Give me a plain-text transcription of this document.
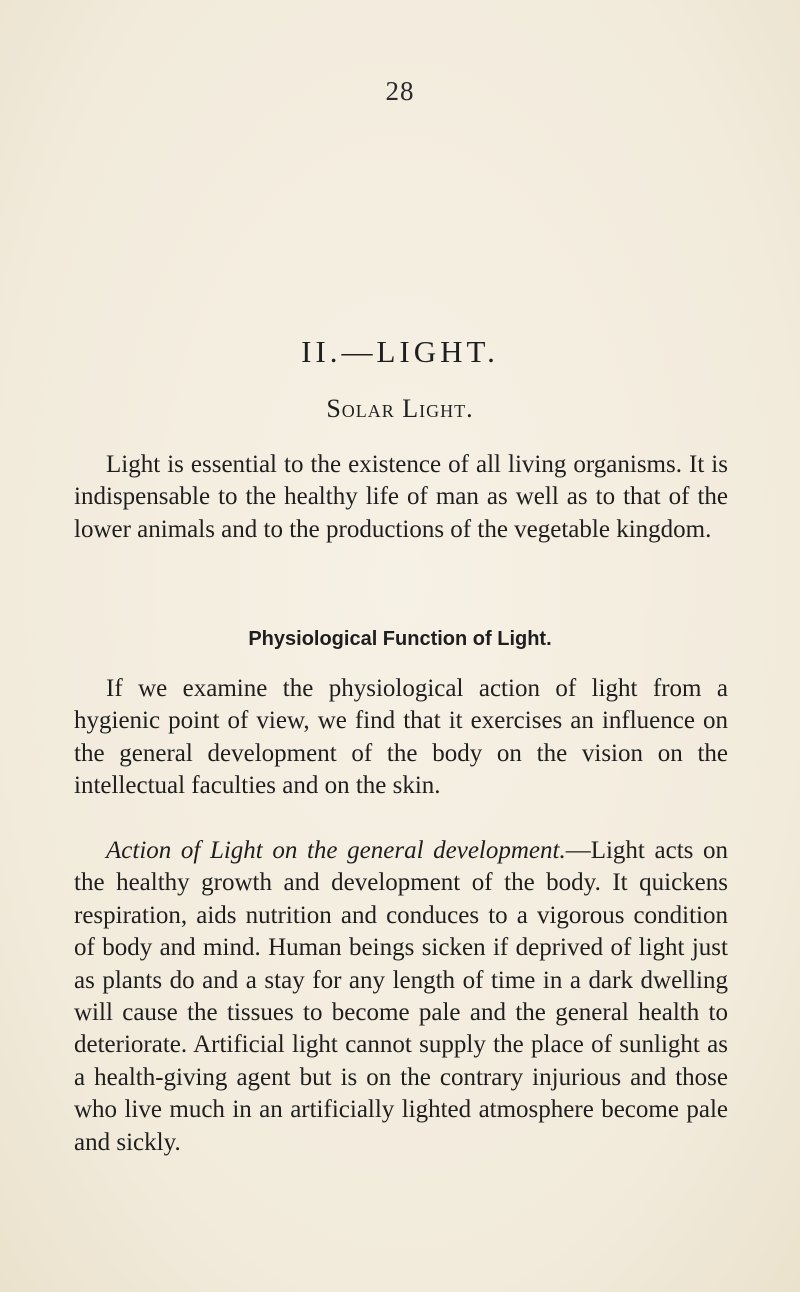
28
II.—LIGHT.
Solar Light.

Light is essential to the existence of all living organisms. It is indispensable to the healthy life of man as well as to that of the lower animals and to the productions of the vegetable kingdom.

Physiological Function of Light.

If we examine the physiological action of light from a hygienic point of view, we find that it exercises an influence on the general development of the body on the vision on the intellectual faculties and on the skin.

Action of Light on the general development.—Light acts on the healthy growth and development of the body. It quickens respiration, aids nutrition and conduces to a vigorous condition of body and mind. Human beings sicken if deprived of light just as plants do and a stay for any length of time in a dark dwelling will cause the tissues to become pale and the general health to deteriorate. Artificial light cannot supply the place of sunlight as a health-giving agent but is on the contrary injurious and those who live much in an artificially lighted atmosphere become pale and sickly.
